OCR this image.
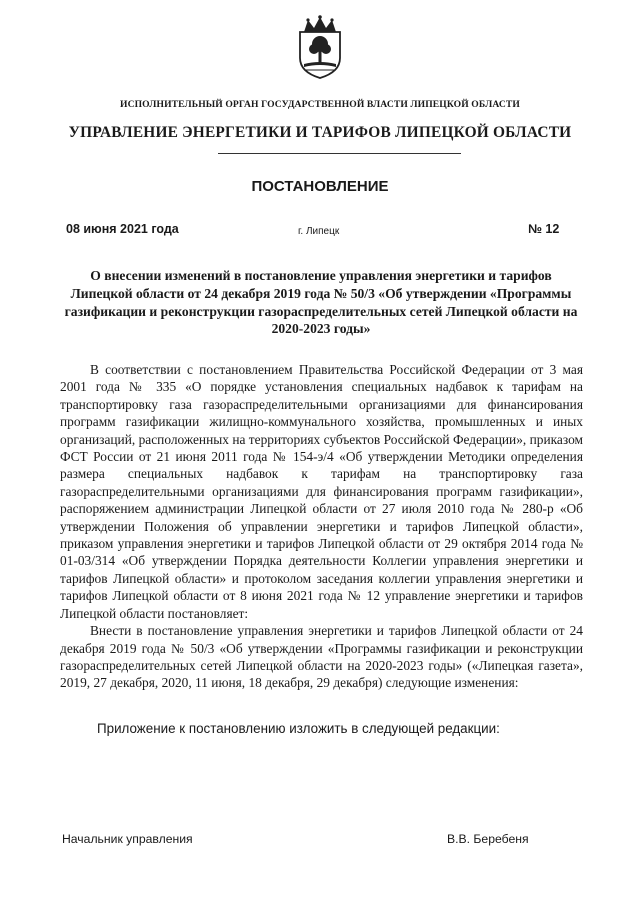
ИСПОЛНИТЕЛЬНЫЙ ОРГАН ГОСУДАРСТВЕННОЙ ВЛАСТИ ЛИПЕЦКОЙ ОБЛАСТИ
УПРАВЛЕНИЕ ЭНЕРГЕТИКИ И ТАРИФОВ ЛИПЕЦКОЙ ОБЛАСТИ
ПОСТАНОВЛЕНИЕ
08 июня 2021 года	г. Липецк	№ 12
О внесении изменений в постановление управления энергетики и тарифов Липецкой области от 24 декабря 2019 года № 50/3 «Об утверждении «Программы газификации и реконструкции газораспределительных сетей Липецкой области на 2020-2023 годы»

В соответствии с постановлением Правительства Российской Федерации от 3 мая 2001 года № 335 «О порядке установления специальных надбавок к тарифам на транспортировку газа газораспределительными организациями для финансирования программ газификации жилищно-коммунального хозяйства, промышленных и иных организаций, расположенных на территориях субъектов Российской Федерации», приказом ФСТ России от 21 июня 2011 года № 154-э/4 «Об утверждении Методики определения размера специальных надбавок к тарифам на транспортировку газа газораспределительными организациями для финансирования программ газификации», распоряжением администрации Липецкой области от 27 июля 2010 года № 280-р «Об утверждении Положения об управлении энергетики и тарифов Липецкой области», приказом управления энергетики и тарифов Липецкой области от 29 октября 2014 года № 01-03/314 «Об утверждении Порядка деятельности Коллегии управления энергетики и тарифов Липецкой области» и протоколом заседания коллегии управления энергетики и тарифов Липецкой области от 8 июня 2021 года № 12 управление энергетики и тарифов Липецкой области постановляет:

Внести в постановление управления энергетики и тарифов Липецкой области от 24 декабря 2019 года № 50/3 «Об утверждении «Программы газификации и реконструкции газораспределительных сетей Липецкой области на 2020-2023 годы» («Липецкая газета», 2019, 27 декабря, 2020, 11 июня, 18 декабря, 29 декабря) следующие изменения:

Приложение к постановлению изложить в следующей редакции:
Начальник управления	В.В. Беребеня
